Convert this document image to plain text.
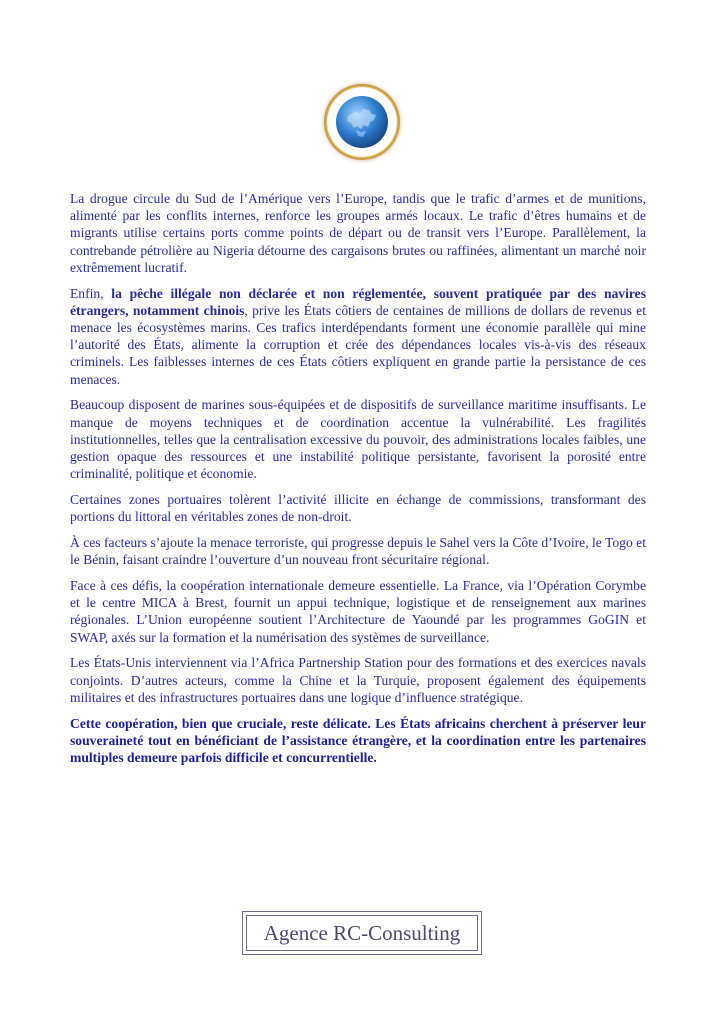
La drogue circule du Sud de l’Amérique vers l’Europe, tandis que le trafic d’armes et de munitions, alimenté par les conflits internes, renforce les groupes armés locaux. Le trafic d’êtres humains et de migrants utilise certains ports comme points de départ ou de transit vers l’Europe. Parallèlement, la contrebande pétrolière au Nigeria détourne des cargaisons brutes ou raffinées, alimentant un marché noir extrêmement lucratif.

Enfin, la pêche illégale non déclarée et non réglementée, souvent pratiquée par des navires étrangers, notamment chinois, prive les États côtiers de centaines de millions de dollars de revenus et menace les écosystèmes marins. Ces trafics interdépendants forment une économie parallèle qui mine l’autorité des États, alimente la corruption et crée des dépendances locales vis-à-vis des réseaux criminels. Les faiblesses internes de ces États côtiers expliquent en grande partie la persistance de ces menaces.

Beaucoup disposent de marines sous-équipées et de dispositifs de surveillance maritime insuffisants. Le manque de moyens techniques et de coordination accentue la vulnérabilité. Les fragilités institutionnelles, telles que la centralisation excessive du pouvoir, des administrations locales faibles, une gestion opaque des ressources et une instabilité politique persistante, favorisent la porosité entre criminalité, politique et économie.

Certaines zones portuaires tolèrent l’activité illicite en échange de commissions, transformant des portions du littoral en véritables zones de non-droit.

À ces facteurs s’ajoute la menace terroriste, qui progresse depuis le Sahel vers la Côte d’Ivoire, le Togo et le Bénin, faisant craindre l’ouverture d’un nouveau front sécuritaire régional.

Face à ces défis, la coopération internationale demeure essentielle. La France, via l’Opération Corymbe et le centre MICA à Brest, fournit un appui technique, logistique et de renseignement aux marines régionales. L’Union européenne soutient l’Architecture de Yaoundé par les programmes GoGIN et SWAP, axés sur la formation et la numérisation des systèmes de surveillance.

Les États-Unis interviennent via l’Africa Partnership Station pour des formations et des exercices navals conjoints. D’autres acteurs, comme la Chine et la Turquie, proposent également des équipements militaires et des infrastructures portuaires dans une logique d’influence stratégique.

Cette coopération, bien que cruciale, reste délicate. Les États africains cherchent à préserver leur souveraineté tout en bénéficiant de l’assistance étrangère, et la coordination entre les partenaires multiples demeure parfois difficile et concurrentielle.

Agence RC-Consulting
